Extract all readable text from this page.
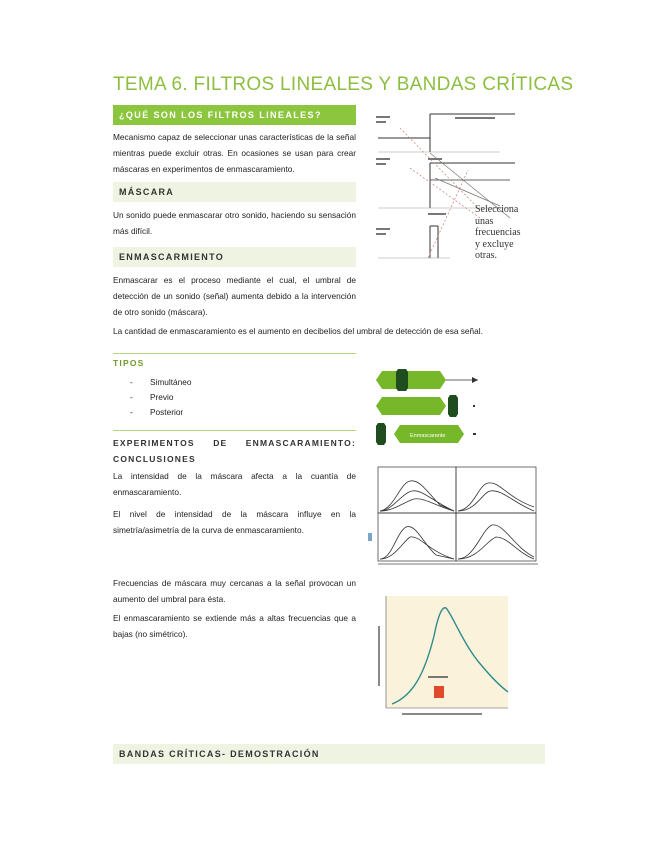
TEMA 6. FILTROS LINEALES Y BANDAS CRÍTICAS
¿QUÉ SON LOS FILTROS LINEALES?
Mecanismo capaz de seleccionar unas características de la señal mientras puede excluir otras. En ocasiones se usan para crear máscaras en experimentos de enmascaramiento.
MÁSCARA
Un sonido puede enmascarar otro sonido, haciendo su sensación más difícil.
ENMASCARMIENTO
Enmascarar es el proceso mediante el cual, el umbral de detección de un sonido (señal) aumenta debido a la intervención de otro sonido (máscara).
La cantidad de enmascaramiento es el aumento en decibelios del umbral de detección de esa señal.
TIPOS
- Simultáneo
- Previo
- Posterior
EXPERIMENTOS DE ENMASCARAMIENTO: CONCLUSIONES
La intensidad de la máscara afecta a la cuantía de enmascaramiento.
El nivel de intensidad de la máscara influye en la simetría/asimetría de la curva de enmascaramiento.
Frecuencias de máscara muy cercanas a la señal provocan un aumento del umbral para ésta.
El enmascaramiento se extiende más a altas frecuencias que a bajas (no simétrico).
BANDAS CRÍTICAS- DEMOSTRACIÓN
Selecciona
unas
frecuencias
y excluye
otras.
Enmascarante
